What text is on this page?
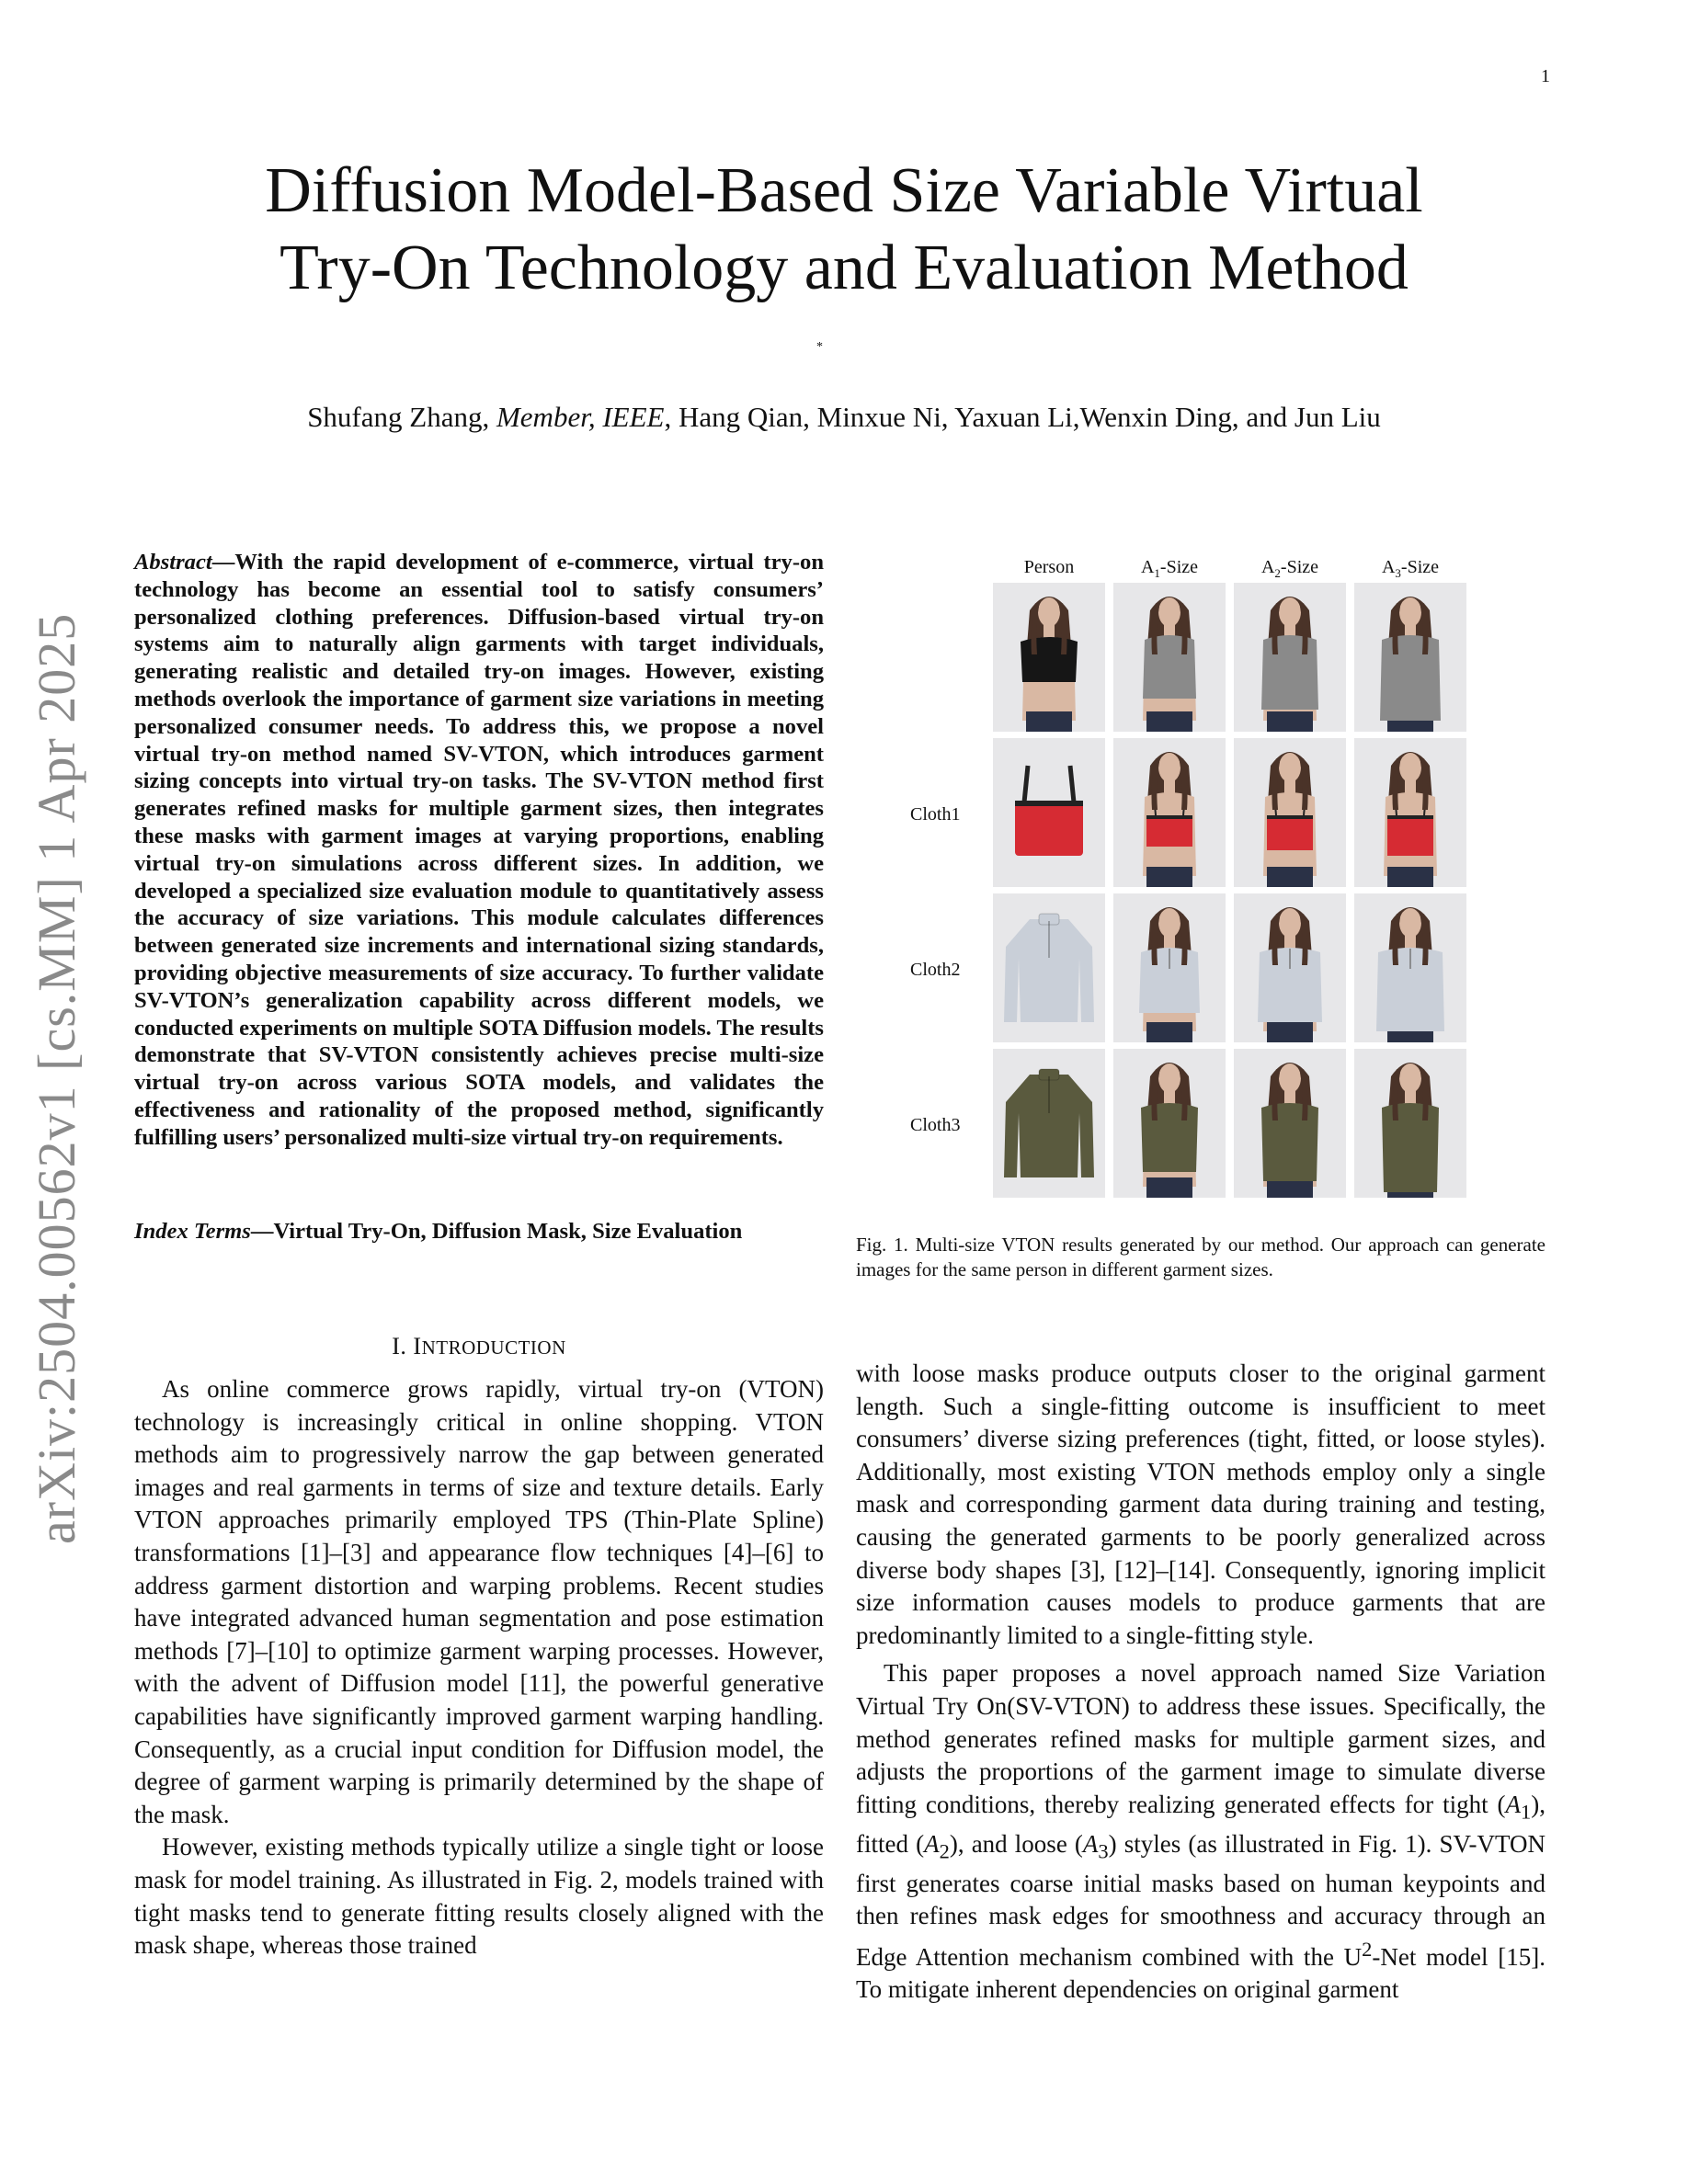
1
arXiv:2504.00562v1 [cs.MM] 1 Apr 2025
Diffusion Model-Based Size Variable Virtual
Try-On Technology and Evaluation Method
*
Shufang Zhang, Member, IEEE, Hang Qian, Minxue Ni, Yaxuan Li,Wenxin Ding, and Jun Liu
Abstract—With the rapid development of e-commerce, virtual try-on technology has become an essential tool to satisfy consumers’ personalized clothing preferences. Diffusion-based virtual try-on systems aim to naturally align garments with target individuals, generating realistic and detailed try-on images. However, existing methods overlook the importance of garment size variations in meeting personalized consumer needs. To address this, we propose a novel virtual try-on method named SV-VTON, which introduces garment sizing concepts into virtual try-on tasks. The SV-VTON method first generates refined masks for multiple garment sizes, then integrates these masks with garment images at varying proportions, enabling virtual try-on simulations across different sizes. In addition, we developed a specialized size evaluation module to quantitatively assess the accuracy of size variations. This module calculates differences between generated size increments and international sizing standards, providing objective measurements of size accuracy. To further validate SV-VTON’s generalization capability across different models, we conducted experiments on multiple SOTA Diffusion models. The results demonstrate that SV-VTON consistently achieves precise multi-size virtual try-on across various SOTA models, and validates the effectiveness and rationality of the proposed method, significantly fulfilling users’ personalized multi-size virtual try-on requirements.
Index Terms—Virtual Try-On, Diffusion Mask, Size Evaluation
I. INTRODUCTION

As online commerce grows rapidly, virtual try-on (VTON) technology is increasingly critical in online shopping. VTON methods aim to progressively narrow the gap between generated images and real garments in terms of size and texture details. Early VTON approaches primarily employed TPS (Thin-Plate Spline) transformations [1]–[3] and appearance flow techniques [4]–[6] to address garment distortion and warping problems. Recent studies have integrated advanced human segmentation and pose estimation methods [7]–[10] to optimize garment warping processes. However, with the advent of Diffusion model [11], the powerful generative capabilities have significantly improved garment warping handling. Consequently, as a crucial input condition for Diffusion model, the degree of garment warping is primarily determined by the shape of the mask.

However, existing methods typically utilize a single tight or loose mask for model training. As illustrated in Fig. 2, models trained with tight masks tend to generate fitting results closely aligned with the mask shape, whereas those trained

with loose masks produce outputs closer to the original garment length. Such a single-fitting outcome is insufficient to meet consumers’ diverse sizing preferences (tight, fitted, or loose styles). Additionally, most existing VTON methods employ only a single mask and corresponding garment data during training and testing, causing the generated garments to be poorly generalized across diverse body shapes [3], [12]–[14]. Consequently, ignoring implicit size information causes models to produce garments that are predominantly limited to a single-fitting style.

This paper proposes a novel approach named Size Variation Virtual Try On(SV-VTON) to address these issues. Specifically, the method generates refined masks for multiple garment sizes, and adjusts the proportions of the garment image to simulate diverse fitting conditions, thereby realizing generated effects for tight $(A_1)$, fitted $(A_2)$, and loose $(A_3)$ styles (as illustrated in Fig. 1). SV-VTON first generates coarse initial masks based on human keypoints and then refines mask edges for smoothness and accuracy through an Edge Attention mechanism combined with the $U^2$-Net model [15]. To mitigate inherent dependencies on original garment

Person	$A_1$-Size	$A_2$-Size	$A_3$-Size
Cloth1
Cloth2
Cloth3
Fig. 1. Multi-size VTON results generated by our method. Our approach can generate images for the same person in different garment sizes.
